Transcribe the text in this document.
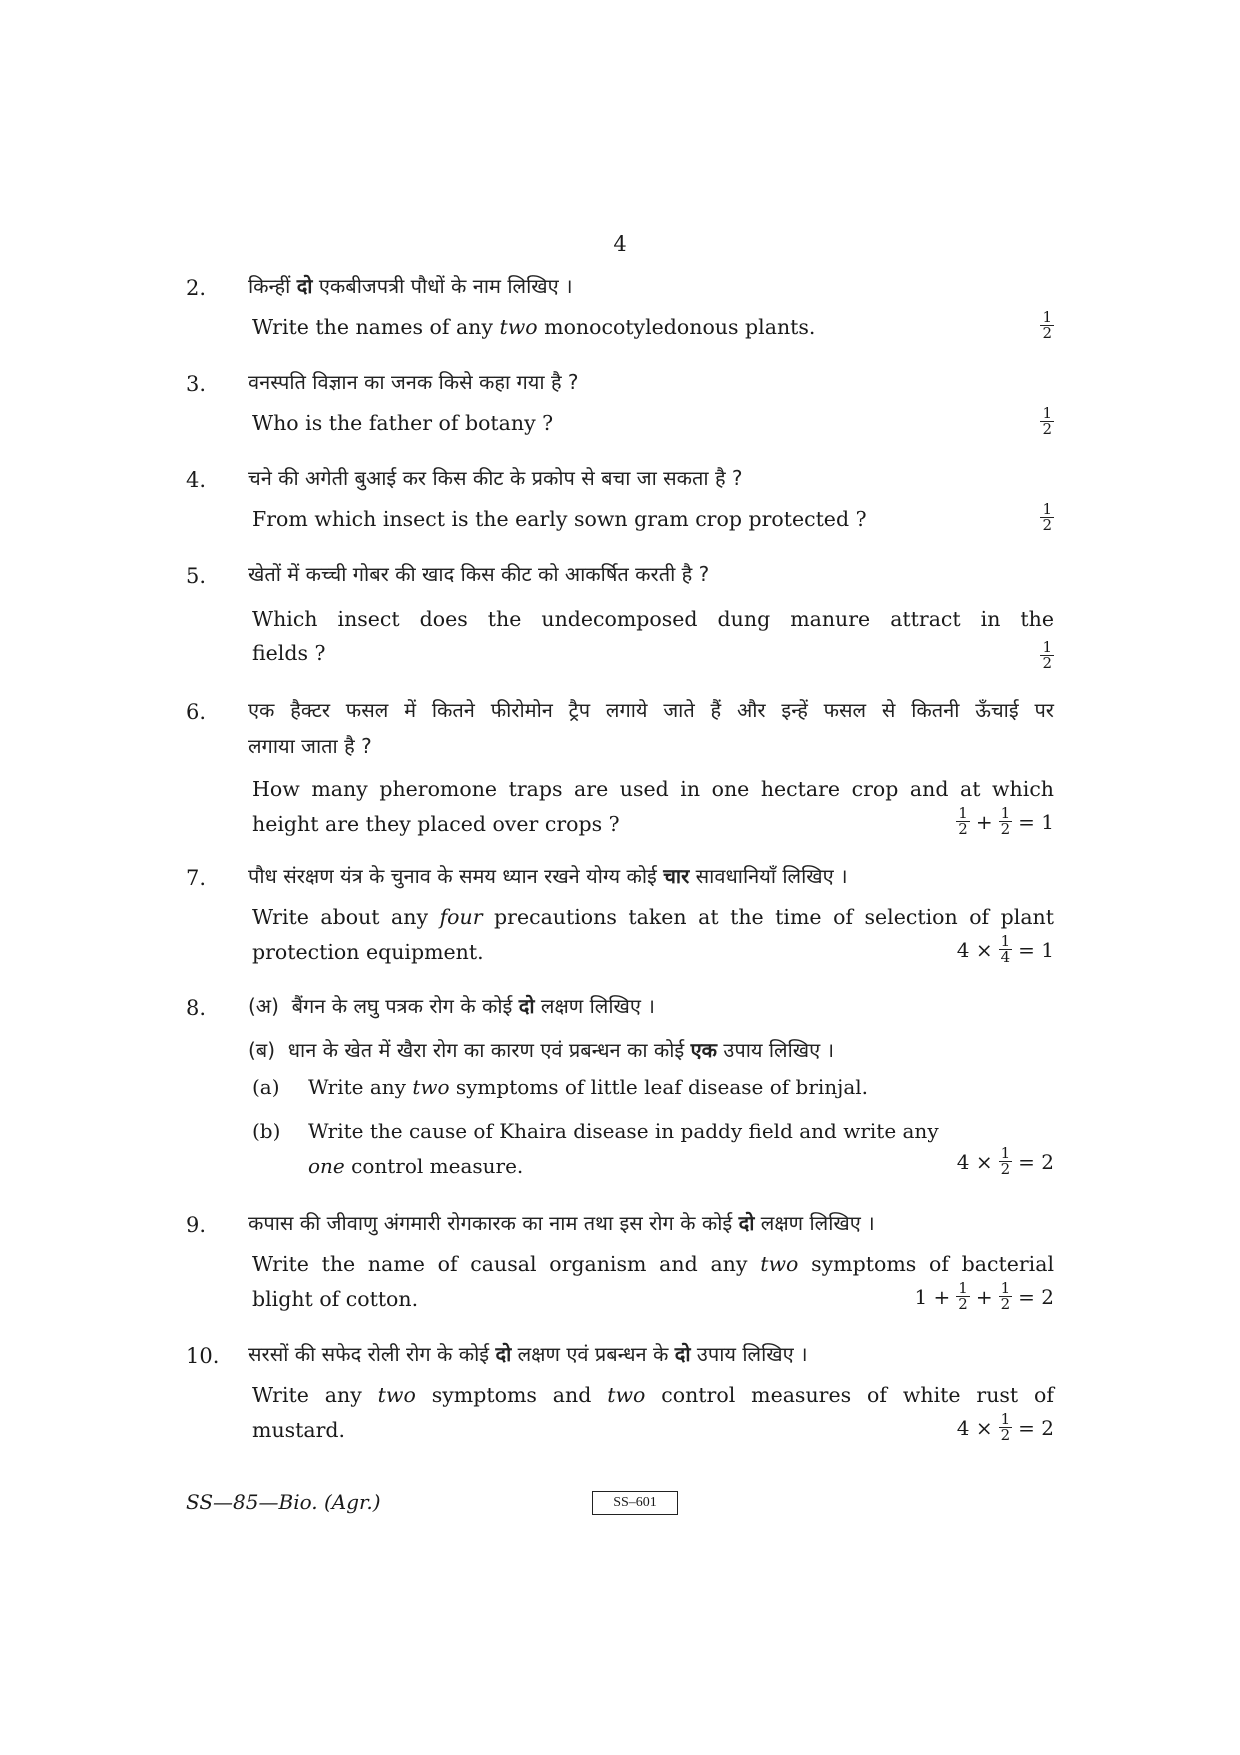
4
2. किन्हीं दो एकबीजपत्री पौधों के नाम लिखिए ।
Write the names of any two monocotyledonous plants.	$\frac{1}{2}$
3. वनस्पति विज्ञान का जनक किसे कहा गया है ?
Who is the father of botany ?	$\frac{1}{2}$
4. चने की अगेती बुआई कर किस कीट के प्रकोप से बचा जा सकता है ?
From which insect is the early sown gram crop protected ?	$\frac{1}{2}$
5. खेतों में कच्ची गोबर की खाद किस कीट को आकर्षित करती है ?
Which insect does the undecomposed dung manure attract in the
fields ?	$\frac{1}{2}$
6. एक हैक्टर फसल में कितने फीरोमोन ट्रैप लगाये जाते हैं और इन्हें फसल से कितनी ऊँचाई पर
लगाया जाता है ?
How many pheromone traps are used in one hectare crop and at which
height are they placed over crops ?	$\frac{1}{2} + \frac{1}{2} = 1$
7. पौध संरक्षण यंत्र के चुनाव के समय ध्यान रखने योग्य कोई चार सावधानियाँ लिखिए ।
Write about any four precautions taken at the time of selection of plant
protection equipment.	$4 \times \frac{1}{4} = 1$
8. (अ) बैंगन के लघु पत्रक रोग के कोई दो लक्षण लिखिए ।
(ब) धान के खेत में खैरा रोग का कारण एवं प्रबन्धन का कोई एक उपाय लिखिए ।
(a) Write any two symptoms of little leaf disease of brinjal.
(b) Write the cause of Khaira disease in paddy field and write any
one control measure.	$4 \times \frac{1}{2} = 2$
9. कपास की जीवाणु अंगमारी रोगकारक का नाम तथा इस रोग के कोई दो लक्षण लिखिए ।
Write the name of causal organism and any two symptoms of bacterial
blight of cotton.	$1 + \frac{1}{2} + \frac{1}{2} = 2$
10. सरसों की सफेद रोली रोग के कोई दो लक्षण एवं प्रबन्धन के दो उपाय लिखिए ।
Write any two symptoms and two control measures of white rust of
mustard.	$4 \times \frac{1}{2} = 2$
SS—85—Bio. (Agr.)	SS–601
